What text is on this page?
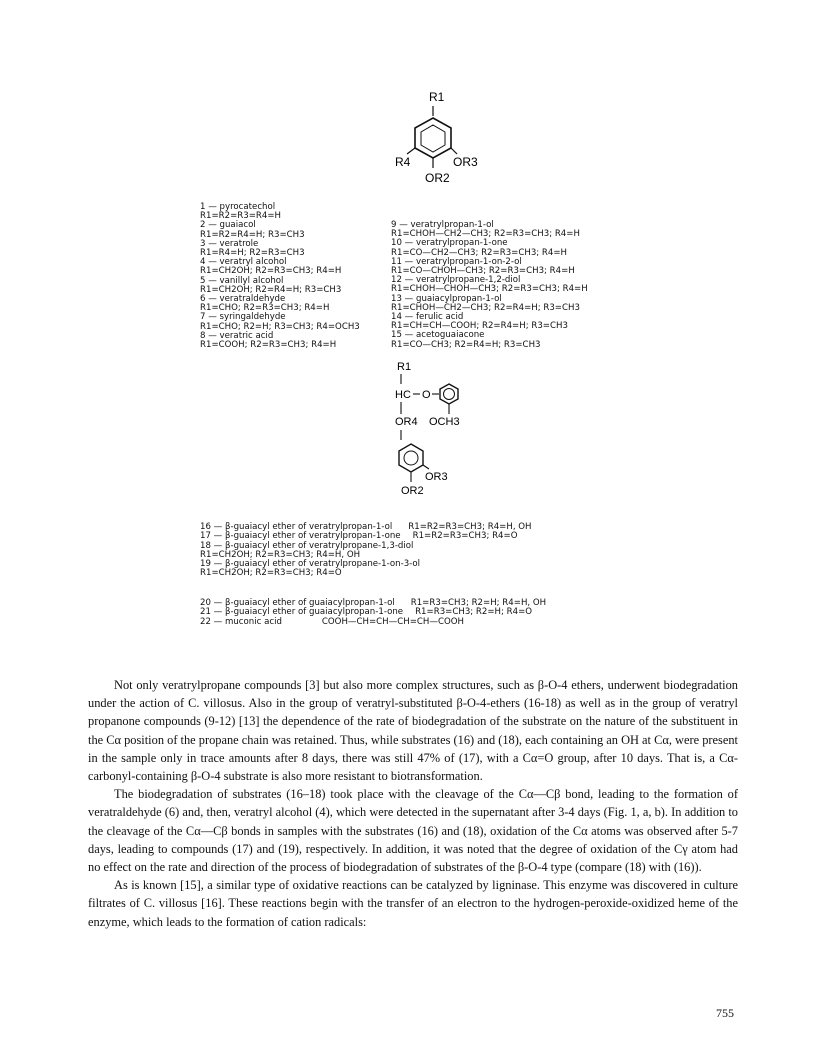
R1
R4	OR3
OR2
1 — pyrocatechol
R1=R2=R3=R4=H
2 — guaiacol
R1=R2=R4=H; R3=CH3
3 — veratrole
R1=R4=H; R2=R3=CH3
4 — veratryl alcohol
R1=CH2OH; R2=R3=CH3; R4=H
5 — vanillyl alcohol
R1=CH2OH; R2=R4=H; R3=CH3
6 — veratraldehyde
R1=CHO; R2=R3=CH3; R4=H
7 — syringaldehyde
R1=CHO; R2=H; R3=CH3; R4=OCH3
8 — veratric acid
R1=COOH; R2=R3=CH3; R4=H
9 — veratrylpropan-1-ol
R1=CHOH—CH2—CH3; R2=R3=CH3; R4=H
10 — veratrylpropan-1-one
R1=CO—CH2—CH3; R2=R3=CH3; R4=H
11 — veratrylpropan-1-on-2-ol
R1=CO—CHOH—CH3; R2=R3=CH3; R4=H
12 — veratrylpropane-1,2-diol
R1=CHOH—CHOH—CH3; R2=R3=CH3; R4=H
13 — guaiacylpropan-1-ol
R1=CHOH—CH2—CH3; R2=R4=H; R3=CH3
14 — ferulic acid
R1=CH=CH—COOH; R2=R4=H; R3=CH3
15 — acetoguaiacone
R1=CO—CH3; R2=R4=H; R3=CH3
R1
HC O
OR4 OCH3
OR3
OR2
16 — β-guaiacyl ether of veratrylpropan-1-ol	R1=R2=R3=CH3; R4=H, OH
17 — β-guaiacyl ether of veratrylpropan-1-one R1=R2=R3=CH3; R4=O
18 — β-guaiacyl ether of veratrylpropane-1,3-diol
R1=CH2OH; R2=R3=CH3; R4=H, OH
19 — β-guaiacyl ether of veratrylpropane-1-on-3-ol
R1=CH2OH; R2=R3=CH3; R4=O
20 — β-guaiacyl ether of guaiacylpropan-1-ol	R1=R3=CH3; R2=H; R4=H, OH
21 — β-guaiacyl ether of guaiacylpropan-1-one R1=R3=CH3; R2=H; R4=O
22 — muconic acid	COOH—CH=CH—CH=CH—COOH

Not only veratrylpropane compounds [3] but also more complex structures, such as β-O-4 ethers, underwent biodegradation under the action of C. villosus. Also in the group of veratryl-substituted β-O-4-ethers (16-18) as well as in the group of veratryl propanone compounds (9-12) [13] the dependence of the rate of biodegradation of the substrate on the nature of the substituent in the Cα position of the propane chain was retained. Thus, while substrates (16) and (18), each containing an OH at Cα, were present in the sample only in trace amounts after 8 days, there was still 47% of (17), with a Cα=O group, after 10 days. That is, a Cα-carbonyl-containing β-O-4 substrate is also more resistant to biotransformation.

The biodegradation of substrates (16–18) took place with the cleavage of the Cα—Cβ bond, leading to the formation of veratraldehyde (6) and, then, veratryl alcohol (4), which were detected in the supernatant after 3-4 days (Fig. 1, a, b). In addition to the cleavage of the Cα—Cβ bonds in samples with the substrates (16) and (18), oxidation of the Cα atoms was observed after 5-7 days, leading to compounds (17) and (19), respectively. In addition, it was noted that the degree of oxidation of the Cγ atom had no effect on the rate and direction of the process of biodegradation of substrates of the β-O-4 type (compare (18) with (16)).

As is known [15], a similar type of oxidative reactions can be catalyzed by ligninase. This enzyme was discovered in culture filtrates of C. villosus [16]. These reactions begin with the transfer of an electron to the hydrogen-peroxide-oxidized heme of the enzyme, which leads to the formation of cation radicals:

755
